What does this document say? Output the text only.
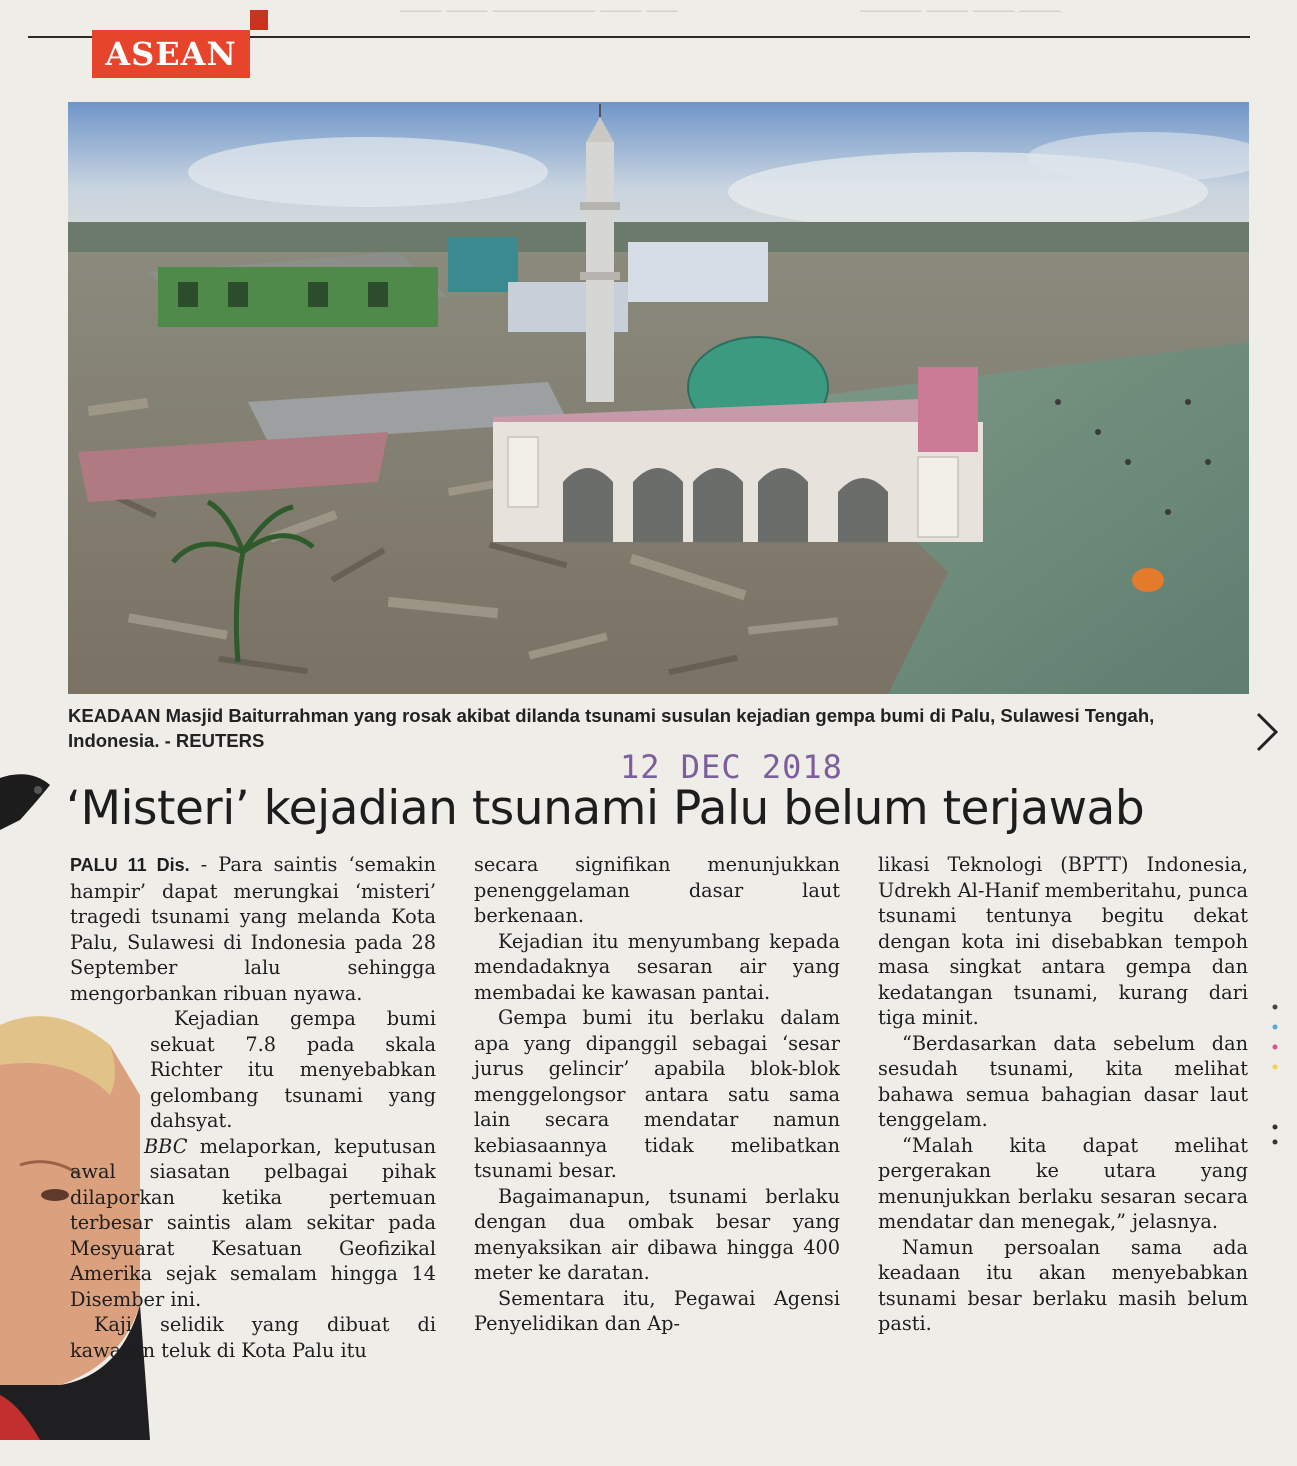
──── ──── ────────── ──── ───	────── ──── ──── ────
ASEAN
KEADAAN Masjid Baiturrahman yang rosak akibat dilanda tsunami susulan kejadian gempa bumi di Palu, Sulawesi Tengah, Indonesia. - REUTERS
12 DEC 2018
‘Misteri’ kejadian tsunami Palu belum terjawab

PALU 11 Dis. - Para saintis ‘semakin hampir’ dapat merungkai ‘misteri’ tragedi tsunami yang melanda Kota Palu, Sulawesi di Indonesia pada 28 September lalu sehingga mengorbankan ribuan nyawa.

Kejadian gempa bumi sekuat 7.8 pada skala Richter itu menyebabkan gelombang tsunami yang dahsyat.

BBC melaporkan, keputusan awal siasatan pelbagai pihak dilaporkan ketika pertemuan terbesar saintis alam sekitar pada Mesyuarat Kesatuan Geofizikal Amerika sejak semalam hingga 14 Disember ini.

Kaji selidik yang dibuat di kawasan teluk di Kota Palu itu

secara signifikan menunjukkan penenggelaman dasar laut berkenaan.

Kejadian itu menyumbang kepada mendadaknya sesaran air yang membadai ke kawasan pantai.

Gempa bumi itu berlaku dalam apa yang dipanggil sebagai ‘sesar jurus gelincir’ apabila blok-blok menggelongsor antara satu sama lain secara mendatar namun kebiasaannya tidak melibatkan tsunami besar.

Bagaimanapun, tsunami berlaku dengan dua ombak besar yang menyaksikan air dibawa hingga 400 meter ke daratan.

Sementara itu, Pegawai Agensi Penyelidikan dan Ap-

likasi Teknologi (BPTT) Indonesia, Udrekh Al-Hanif memberitahu, punca tsunami tentunya begitu dekat dengan kota ini disebabkan tempoh masa singkat antara gempa dan kedatangan tsunami, kurang dari tiga minit.

“Berdasarkan data sebelum dan sesudah tsunami, kita melihat bahawa semua bahagian dasar laut tenggelam.

“Malah kita dapat melihat pergerakan ke utara yang menunjukkan berlaku sesaran secara mendatar dan menegak,” jelasnya.

Namun persoalan sama ada keadaan itu akan menyebabkan tsunami besar berlaku masih belum pasti.
